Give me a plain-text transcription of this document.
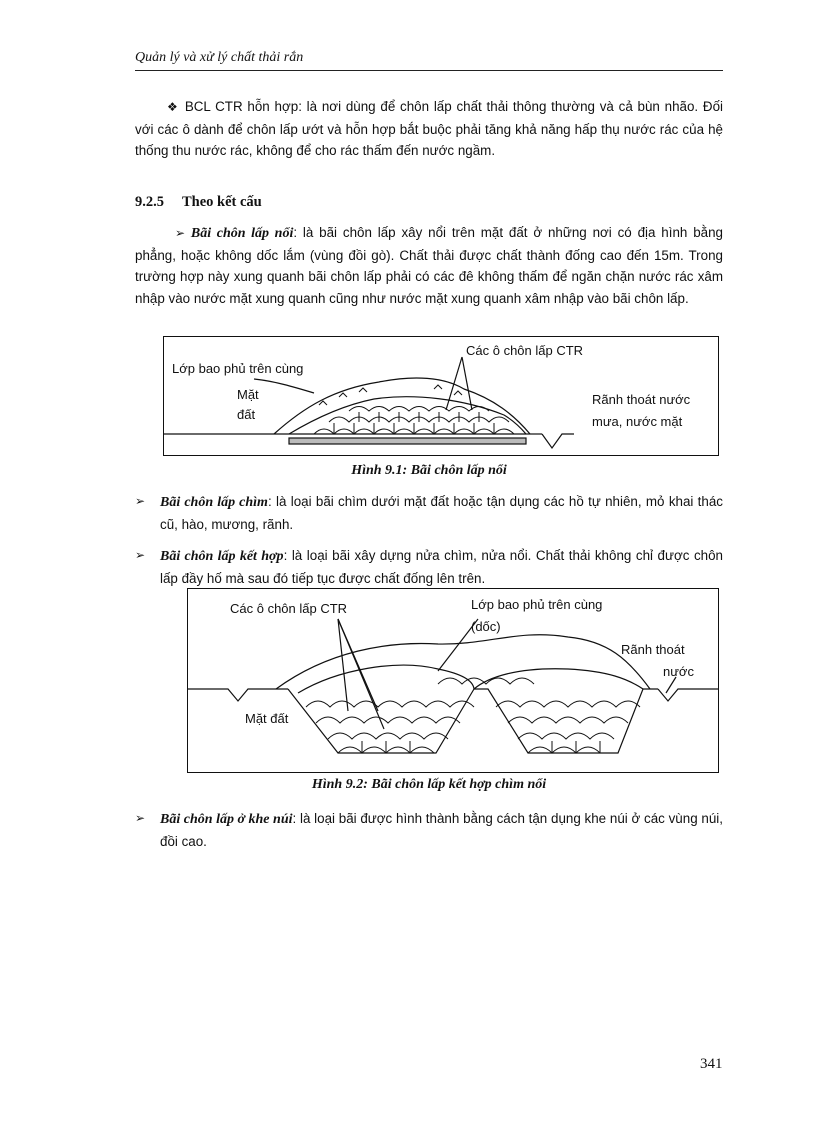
Quản lý và xử lý chất thải rắn
❖ BCL CTR hỗn hợp: là nơi dùng để chôn lấp chất thải thông thường và cả bùn nhão. Đối với các ô dành để chôn lấp ướt và hỗn hợp bắt buộc phải tăng khả năng hấp thụ nước rác của hệ thống thu nước rác, không để cho rác thấm đến nước ngầm.
9.2.5 Theo kết cấu
➢ Bãi chôn lấp nổi: là bãi chôn lấp xây nổi trên mặt đất ở những nơi có địa hình bằng phẳng, hoặc không dốc lắm (vùng đồi gò). Chất thải được chất thành đống cao đến 15m. Trong trường hợp này xung quanh bãi chôn lấp phải có các đê không thấm để ngăn chặn nước rác xâm nhập vào nước mặt xung quanh cũng như nước mặt xung quanh xâm nhập vào bãi chôn lấp.
Lớp bao phủ trên cùng
Các ô chôn lấp CTR
Mặt
đất
Rãnh thoát nước
mưa, nước mặt
Hình 9.1: Bãi chôn lấp nổi
➢ Bãi chôn lấp chìm: là loại bãi chìm dưới mặt đất hoặc tận dụng các hồ tự nhiên, mỏ khai thác cũ, hào, mương, rãnh.
➢ Bãi chôn lấp kết hợp: là loại bãi xây dựng nửa chìm, nửa nổi. Chất thải không chỉ được chôn lấp đầy hố mà sau đó tiếp tục được chất đống lên trên.
Các ô chôn lấp CTR	Lớp bao phủ trên cùng
(dốc)
Rãnh thoát
nước
Mặt đất
Hình 9.2: Bãi chôn lấp kết hợp chìm nổi
➢ Bãi chôn lấp ở khe núi: là loại bãi được hình thành bằng cách tận dụng khe núi ở các vùng núi, đồi cao.
341
